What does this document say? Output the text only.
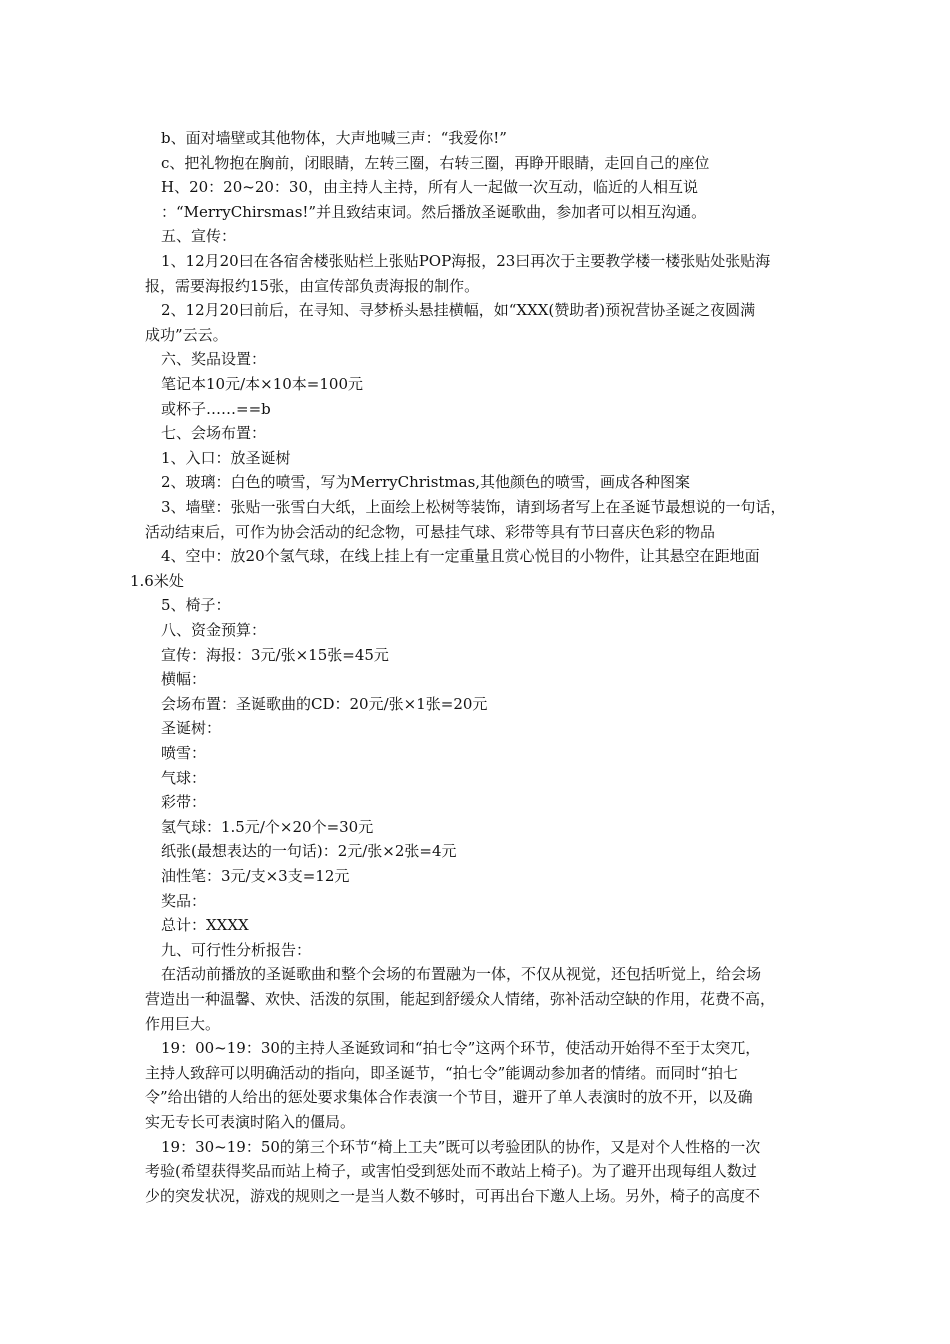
b、面对墙壁或其他物体，大声地喊三声：“我爱你!”
c、把礼物抱在胸前，闭眼睛，左转三圈，右转三圈，再睁开眼睛，走回自己的座位
H、20：20~20：30，由主持人主持，所有人一起做一次互动，临近的人相互说
：“MerryChirsmas!”并且致结束词。然后播放圣诞歌曲，参加者可以相互沟通。
五、宣传：
1、12月20曰在各宿舍楼张贴栏上张贴POP海报，23曰再次于主要教学楼一楼张贴处张贴海
报，需要海报约15张，由宣传部负责海报的制作。
2、12月20曰前后，在寻知、寻梦桥头悬挂横幅，如“XXX(赞助者)预祝营协圣诞之夜圆满
成功”云云。
六、奖品设置：
笔记本10元/本×10本=100元
或杯子……==b
七、会场布置：
1、入口：放圣诞树
2、玻璃：白色的喷雪，写为MerryChristmas,其他颜色的喷雪，画成各种图案
3、墙壁：张贴一张雪白大纸，上面绘上松树等装饰，请到场者写上在圣诞节最想说的一句话，
活动结束后，可作为协会活动的纪念物，可悬挂气球、彩带等具有节曰喜庆色彩的物品
4、空中：放20个氢气球，在线上挂上有一定重量且赏心悦目的小物件，让其悬空在距地面
1.6米处
5、椅子：
八、资金预算：
宣传：海报：3元/张×15张=45元
横幅：
会场布置：圣诞歌曲的CD：20元/张×1张=20元
圣诞树：
喷雪：
气球：
彩带：
氢气球：1.5元/个×20个=30元
纸张(最想表达的一句话)：2元/张×2张=4元
油性笔：3元/支×3支=12元
奖品：
总计：XXXX
九、可行性分析报告：
在活动前播放的圣诞歌曲和整个会场的布置融为一体，不仅从视觉，还包括听觉上，给会场
营造出一种温馨、欢快、活泼的氛围，能起到舒缓众人情绪，弥补活动空缺的作用，花费不高，
作用巨大。
19：00~19：30的主持人圣诞致词和“拍七令”这两个环节，使活动开始得不至于太突兀，
主持人致辞可以明确活动的指向，即圣诞节，“拍七令”能调动参加者的情绪。而同时“拍七
令”给出错的人给出的惩处要求集体合作表演一个节目，避开了单人表演时的放不开，以及确
实无专长可表演时陷入的僵局。
19：30~19：50的第三个环节“椅上工夫”既可以考验团队的协作，又是对个人性格的一次
考验(希望获得奖品而站上椅子，或害怕受到惩处而不敢站上椅子)。为了避开出现每组人数过
少的突发状况，游戏的规则之一是当人数不够时，可再出台下邀人上场。另外，椅子的高度不
